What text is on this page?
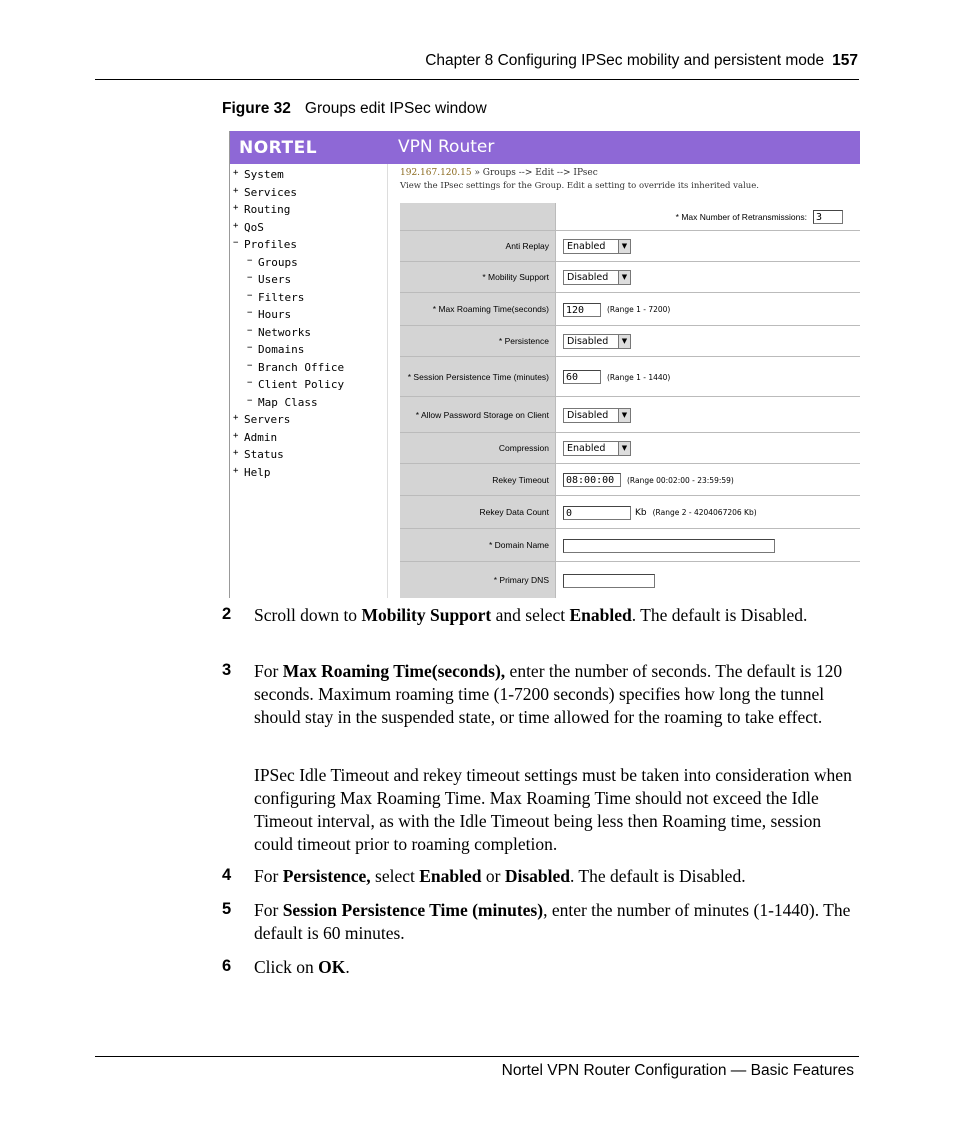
Chapter 8 Configuring IPSec mobility and persistent mode 157
Figure 32 Groups edit IPSec window
NORTEL	VPN Router
+ System
+ Services
+ Routing
+ QoS
− Profiles
− Groups
− Users
− Filters
− Hours
− Networks
− Domains
− Branch Office
− Client Policy
− Map Class
+ Servers
+ Admin
+ Status
+ Help
192.167.120.15 » Groups --> Edit --> IPsec
View the IPsec settings for the Group. Edit a setting to override its inherited value.
* Max Number of Retransmissions: 3
Anti Replay	Enabled	▼
* Mobility Support	Disabled	▼
* Max Roaming Time(seconds)	120	(Range 1 - 7200)
* Persistence	Disabled	▼
* Session Persistence Time (minutes)	60	(Range 1 - 1440)
* Allow Password Storage on Client	Disabled	▼
Compression	Enabled	▼
Rekey Timeout	08:00:00	(Range 00:02:00 - 23:59:59)
Rekey Data Count	0	Kb (Range 2 - 4204067206 Kb)
* Domain Name
* Primary DNS
2 Scroll down to Mobility Support and select Enabled. The default is Disabled.
3 For Max Roaming Time(seconds), enter the number of seconds. The default is 120 seconds. Maximum roaming time (1-7200 seconds) specifies how long the tunnel should stay in the suspended state, or time allowed for the roaming to take effect.
IPSec Idle Timeout and rekey timeout settings must be taken into consideration when configuring Max Roaming Time. Max Roaming Time should not exceed the Idle Timeout interval, as with the Idle Timeout being less then Roaming time, session could timeout prior to roaming completion.
4 For Persistence, select Enabled or Disabled. The default is Disabled.
5 For Session Persistence Time (minutes), enter the number of minutes (1-1440). The default is 60 minutes.
6 Click on OK.
Nortel VPN Router Configuration — Basic Features
